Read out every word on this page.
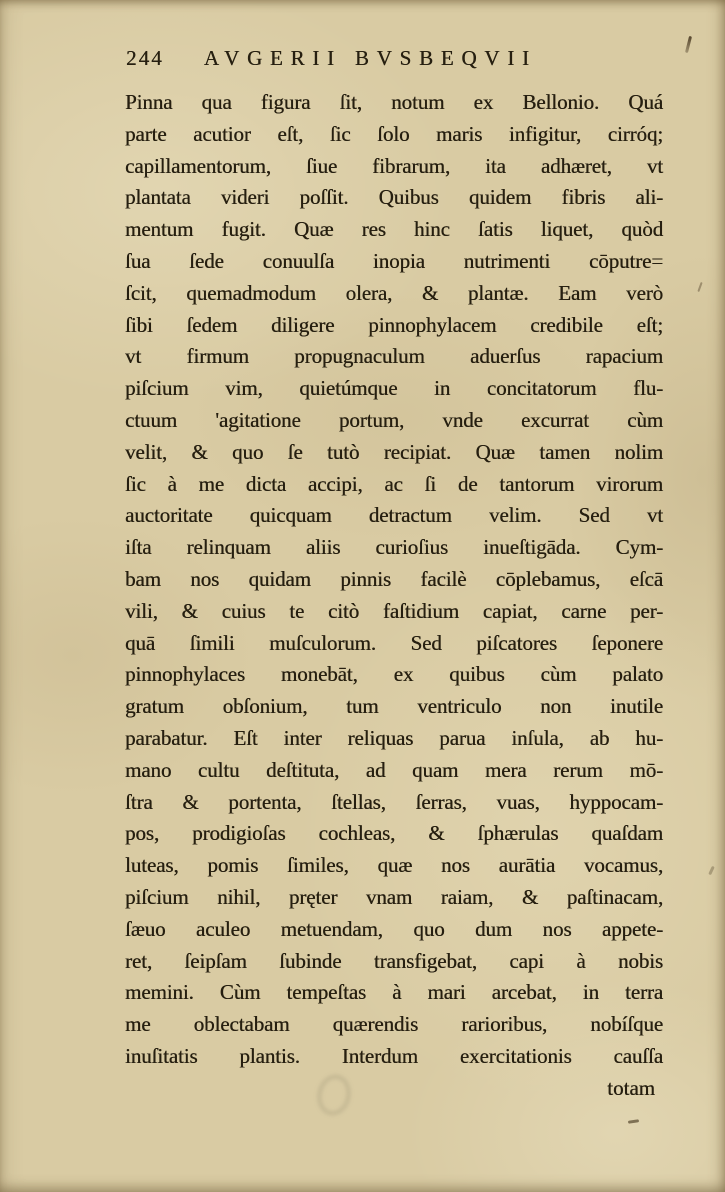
244 AVGERII BVSBEQVII
Pinna qua figura ſit, notum ex Bellonio. Quá
parte acutior eſt, ſic ſolo maris infigitur, cirróq;
capillamentorum, ſiue fibrarum, ita adhæret, vt
plantata videri poſſit. Quibus quidem fibris ali-
mentum fugit. Quæ res hinc ſatis liquet, quòd
ſua ſede conuulſa inopia nutrimenti cōputre=
ſcit, quemadmodum olera, & plantæ. Eam verò
ſibi ſedem diligere pinnophylacem credibile eſt;
vt firmum propugnaculum aduerſus rapacium
piſcium vim, quietúmque in concitatorum flu-
ctuum 'agitatione portum, vnde excurrat cùm
velit, & quo ſe tutò recipiat. Quæ tamen nolim
ſic à me dicta accipi, ac ſi de tantorum virorum
auctoritate quicquam detractum velim. Sed vt
iſta relinquam aliis curioſius inueſtigāda. Cym-
bam nos quidam pinnis facilè cōplebamus, eſcā
vili, & cuius te citò faſtidium capiat, carne per-
quā ſimili muſculorum. Sed piſcatores ſeponere
pinnophylaces monebāt, ex quibus cùm palato
gratum obſonium, tum ventriculo non inutile
parabatur. Eſt inter reliquas parua inſula, ab hu-
mano cultu deſtituta, ad quam mera rerum mō-
ſtra & portenta, ſtellas, ſerras, vuas, hyppocam-
pos, prodigioſas cochleas, & ſphærulas quaſdam
luteas, pomis ſimiles, quæ nos aurātia vocamus,
piſcium nihil, pręter vnam raiam, & paſtinacam,
ſæuo aculeo metuendam, quo dum nos appete-
ret, ſeipſam ſubinde transfigebat, capi à nobis
memini. Cùm tempeſtas à mari arcebat, in terra
me oblectabam quærendis rarioribus, nobíſque
inuſitatis plantis. Interdum exercitationis cauſſa
totam
